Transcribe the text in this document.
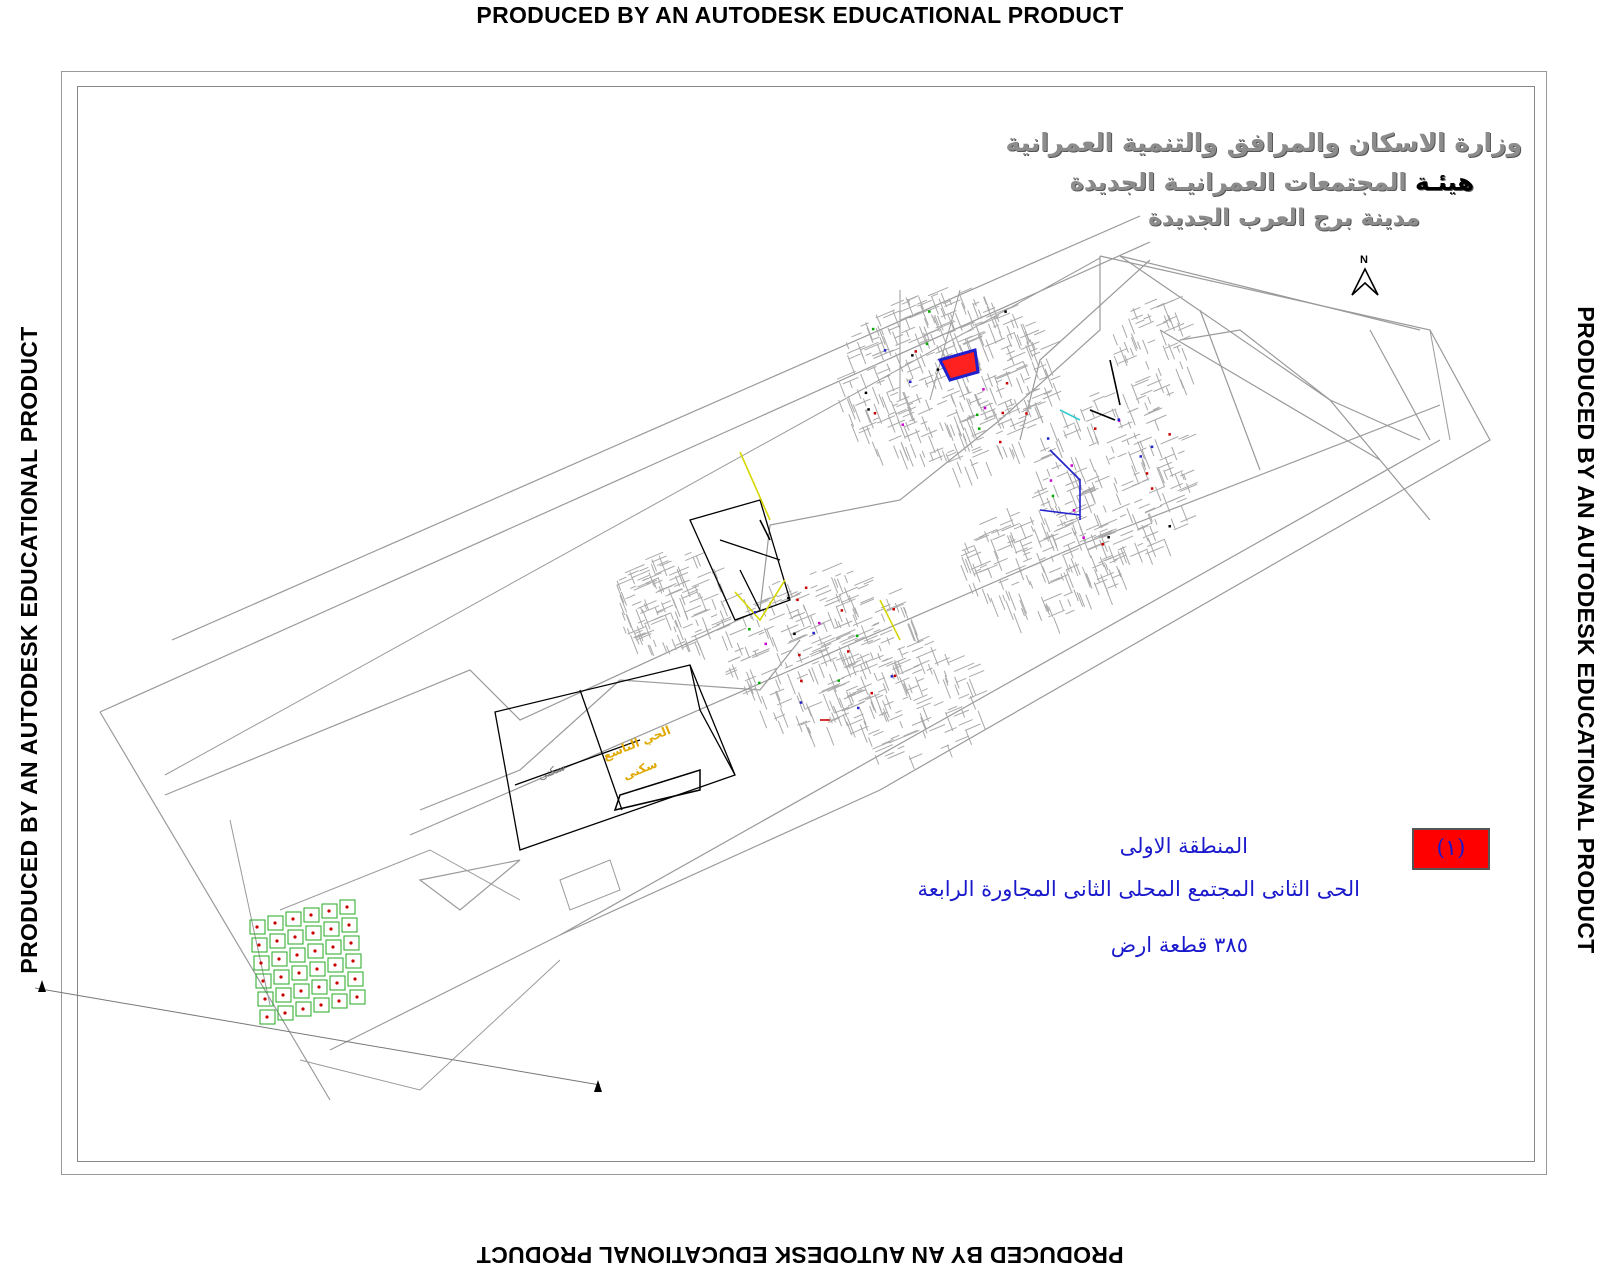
PRODUCED BY AN AUTODESK EDUCATIONAL PRODUCT
PRODUCED BY AN AUTODESK EDUCATIONAL PRODUCT
PRODUCED BY AN AUTODESK EDUCATIONAL PRODUCT	PRODUCED BY AN AUTODESK EDUCATIONAL PRODUCT
الحي التاسع
سكنى
سكنى
وزارة الاسكان والمرافق والتنمية العمرانية
هيئـة المجتمعات العمرانيـة الجديدة
مدينة برج العرب الجديدة
N
المنطقة الاولى
الحى الثانى المجتمع المحلى الثانى المجاورة الرابعة
٣٨٥ قطعة ارض
(١)
